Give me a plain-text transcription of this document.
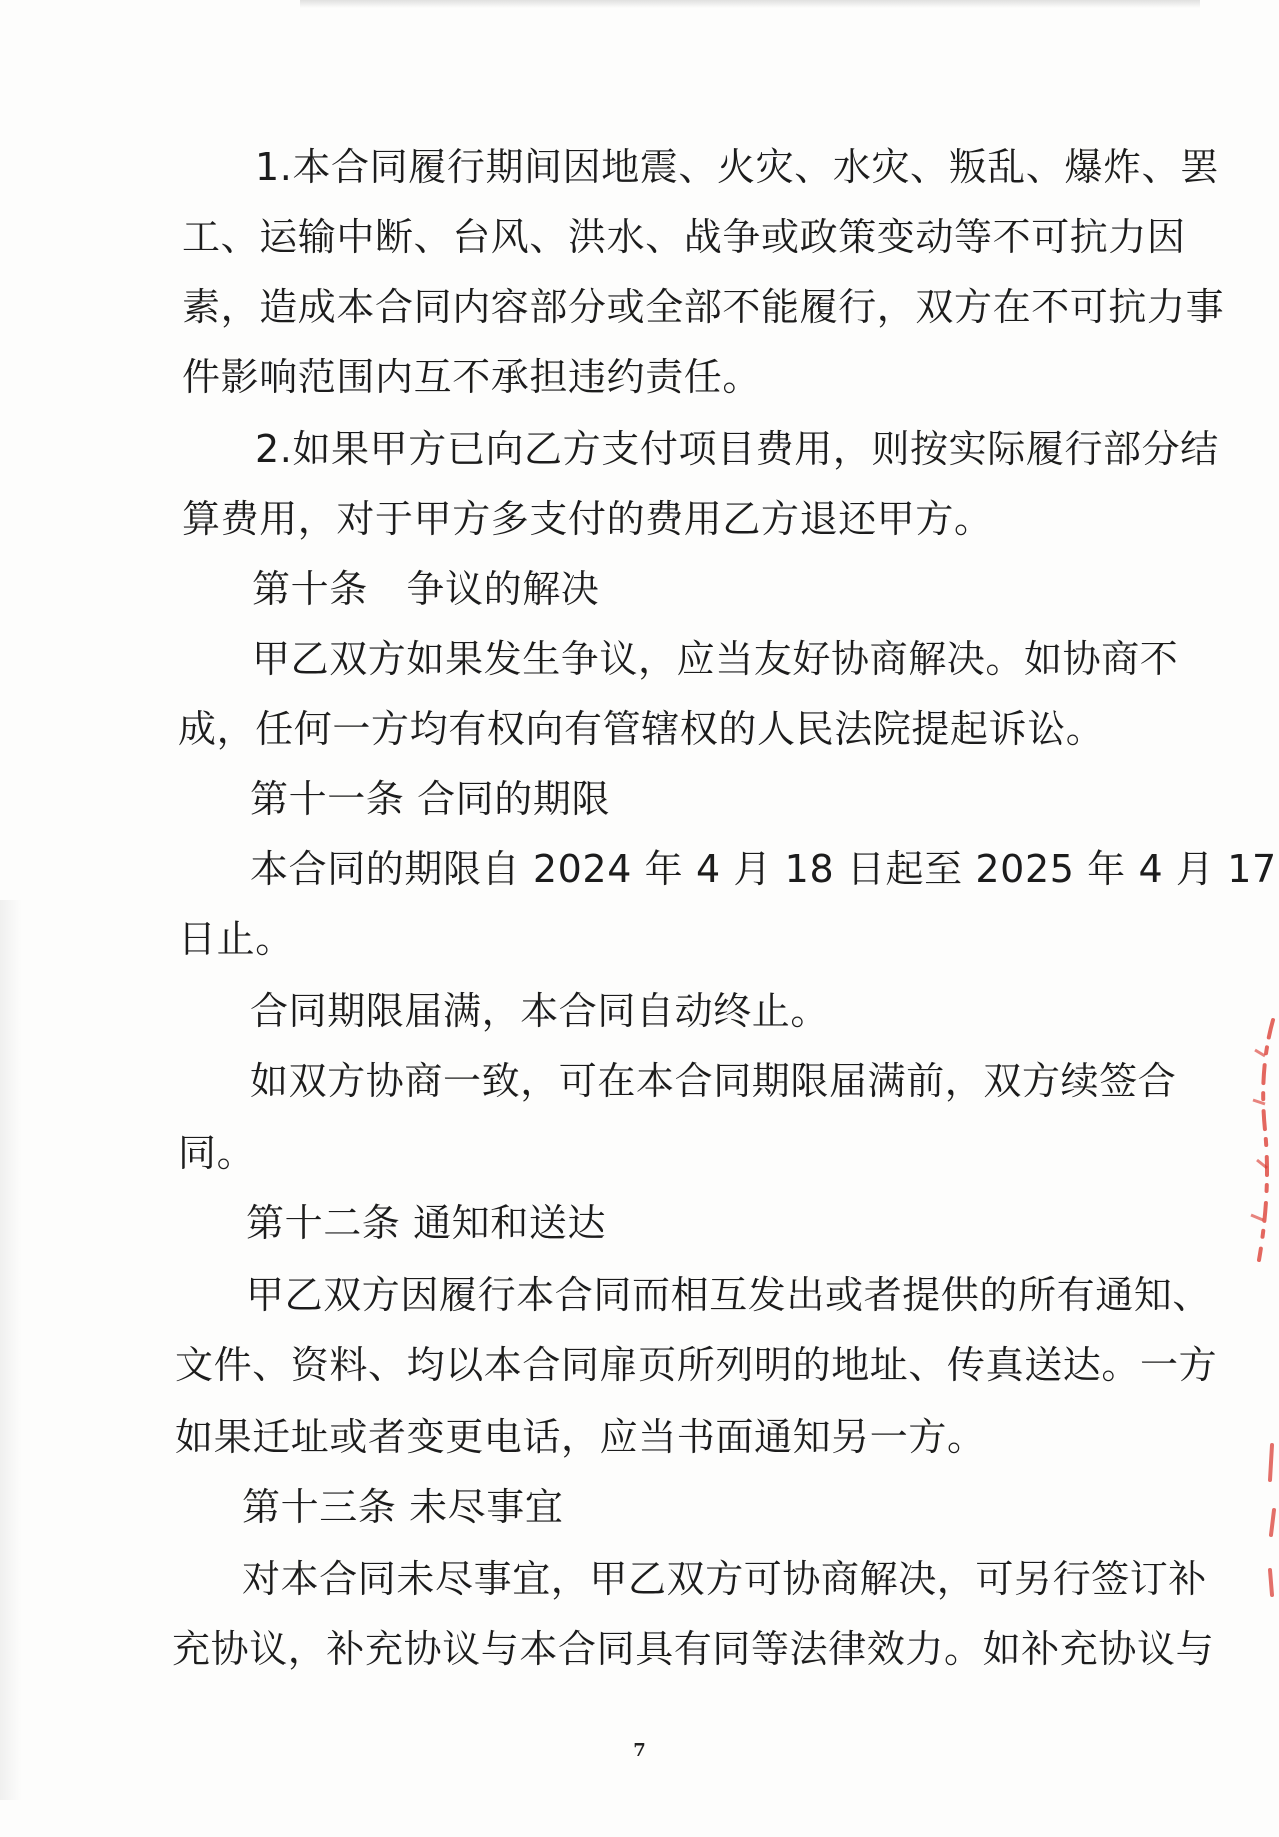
1.本合同履行期间因地震、火灾、水灾、叛乱、爆炸、罢
工、运输中断、台风、洪水、战争或政策变动等不可抗力因
素，造成本合同内容部分或全部不能履行，双方在不可抗力事
件影响范围内互不承担违约责任。
2.如果甲方已向乙方支付项目费用，则按实际履行部分结
算费用，对于甲方多支付的费用乙方退还甲方。
第十条　争议的解决
甲乙双方如果发生争议，应当友好协商解决。如协商不
成，任何一方均有权向有管辖权的人民法院提起诉讼。
第十一条 合同的期限
本合同的期限自 2024 年 4 月 18 日起至 2025 年 4 月 17
日止。
合同期限届满，本合同自动终止。
如双方协商一致，可在本合同期限届满前，双方续签合
同。
第十二条 通知和送达
甲乙双方因履行本合同而相互发出或者提供的所有通知、
文件、资料、均以本合同扉页所列明的地址、传真送达。一方
如果迁址或者变更电话，应当书面通知另一方。
第十三条 未尽事宜
对本合同未尽事宜，甲乙双方可协商解决，可另行签订补
充协议，补充协议与本合同具有同等法律效力。如补充协议与
7
